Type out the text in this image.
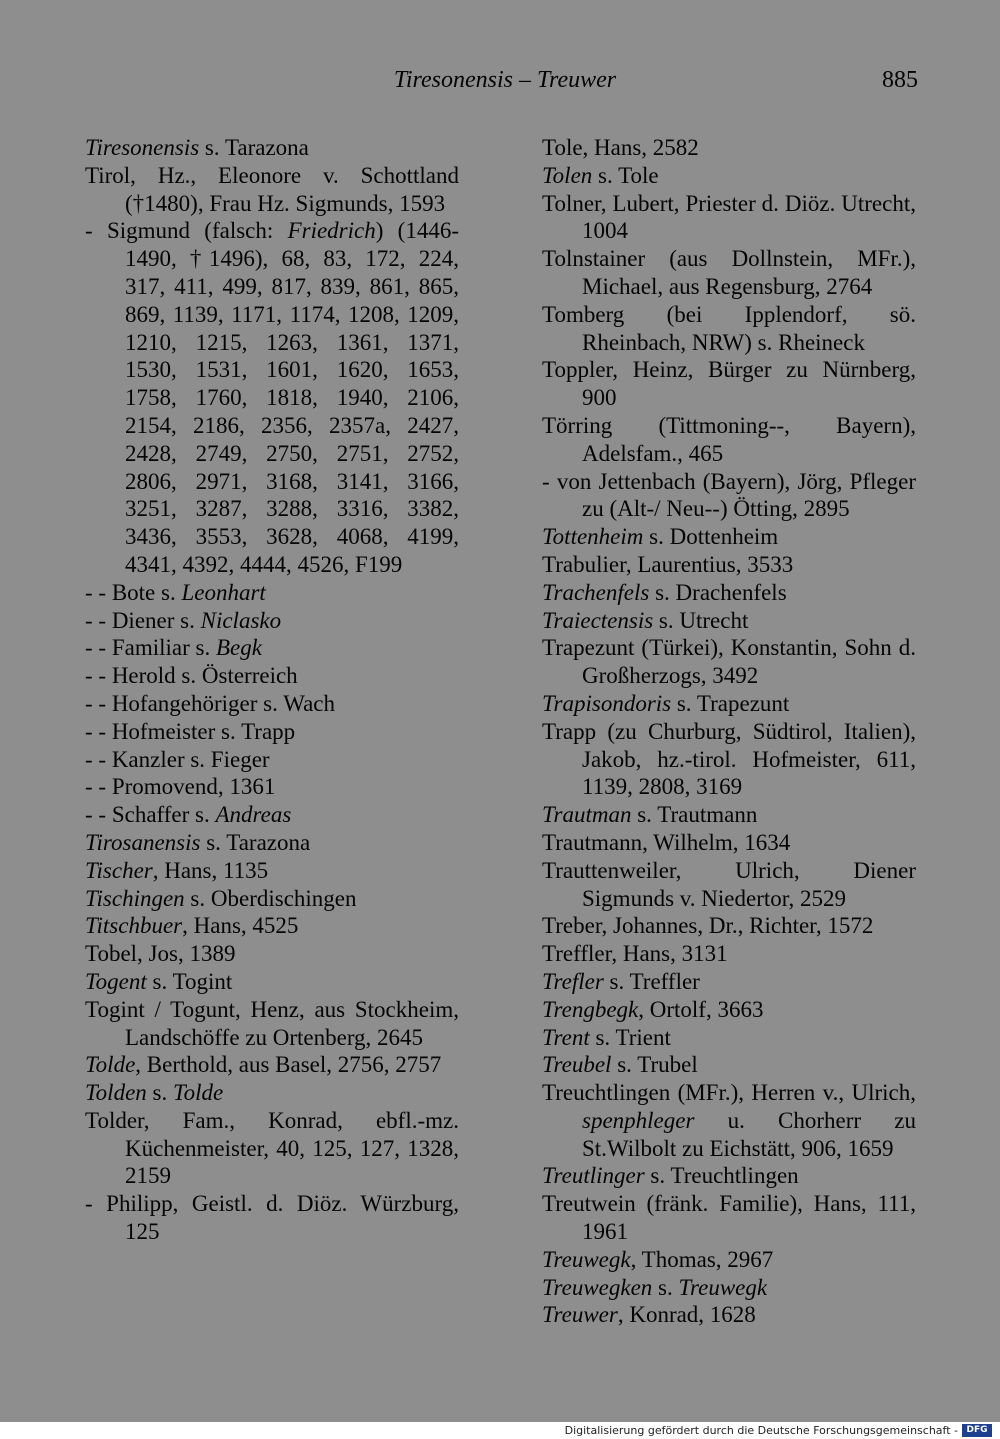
Tiresonensis – Treuwer	885

Tiresonensis s. Tarazona

Tirol, Hz., Eleonore v. Schottland (†1480), Frau Hz. Sigmunds, 1593

- Sigmund (falsch: Friedrich) (1446-1490, †1496), 68, 83, 172, 224, 317, 411, 499, 817, 839, 861, 865, 869, 1139, 1171, 1174, 1208, 1209, 1210, 1215, 1263, 1361, 1371, 1530, 1531, 1601, 1620, 1653, 1758, 1760, 1818, 1940, 2106, 2154, 2186, 2356, 2357a, 2427, 2428, 2749, 2750, 2751, 2752, 2806, 2971, 3168, 3141, 3166, 3251, 3287, 3288, 3316, 3382, 3436, 3553, 3628, 4068, 4199, 4341, 4392, 4444, 4526, F199

- - Bote s. Leonhart

- - Diener s. Niclasko

- - Familiar s. Begk

- - Herold s. Österreich

- - Hofangehöriger s. Wach

- - Hofmeister s. Trapp

- - Kanzler s. Fieger

- - Promovend, 1361

- - Schaffer s. Andreas

Tirosanensis s. Tarazona

Tischer, Hans, 1135

Tischingen s. Oberdischingen

Titschbuer, Hans, 4525

Tobel, Jos, 1389

Togent s. Togint

Togint / Togunt, Henz, aus Stockheim, Landschöffe zu Ortenberg, 2645

Tolde, Berthold, aus Basel, 2756, 2757

Tolden s. Tolde

Tolder, Fam., Konrad, ebfl.-mz. Küchenmeister, 40, 125, 127, 1328, 2159

- Philipp, Geistl. d. Diöz. Würzburg, 125

Tole, Hans, 2582

Tolen s. Tole

Tolner, Lubert, Priester d. Diöz. Utrecht, 1004

Tolnstainer (aus Dollnstein, MFr.), Michael, aus Regensburg, 2764

Tomberg (bei Ipplendorf, sö. Rheinbach, NRW) s. Rheineck

Toppler, Heinz, Bürger zu Nürnberg, 900

Törring (Tittmoning--, Bayern), Adelsfam., 465

- von Jettenbach (Bayern), Jörg, Pfleger zu (Alt-/ Neu--) Ötting, 2895

Tottenheim s. Dottenheim

Trabulier, Laurentius, 3533

Trachenfels s. Drachenfels

Traiectensis s. Utrecht

Trapezunt (Türkei), Konstantin, Sohn d. Großherzogs, 3492

Trapisondoris s. Trapezunt

Trapp (zu Churburg, Südtirol, Italien), Jakob, hz.-tirol. Hofmeister, 611, 1139, 2808, 3169

Trautman s. Trautmann

Trautmann, Wilhelm, 1634

Trauttenweiler, Ulrich, Diener Sigmunds v. Niedertor, 2529

Treber, Johannes, Dr., Richter, 1572

Treffler, Hans, 3131

Trefler s. Treffler

Trengbegk, Ortolf, 3663

Trent s. Trient

Treubel s. Trubel

Treuchtlingen (MFr.), Herren v., Ulrich, spenphleger u. Chorherr zu St.Wilbolt zu Eichstätt, 906, 1659

Treutlinger s. Treuchtlingen

Treutwein (fränk. Familie), Hans, 111, 1961

Treuwegk, Thomas, 2967

Treuwegken s. Treuwegk

Treuwer, Konrad, 1628

Digitalisierung gefördert durch die Deutsche Forschungsgemeinschaft - DFG
